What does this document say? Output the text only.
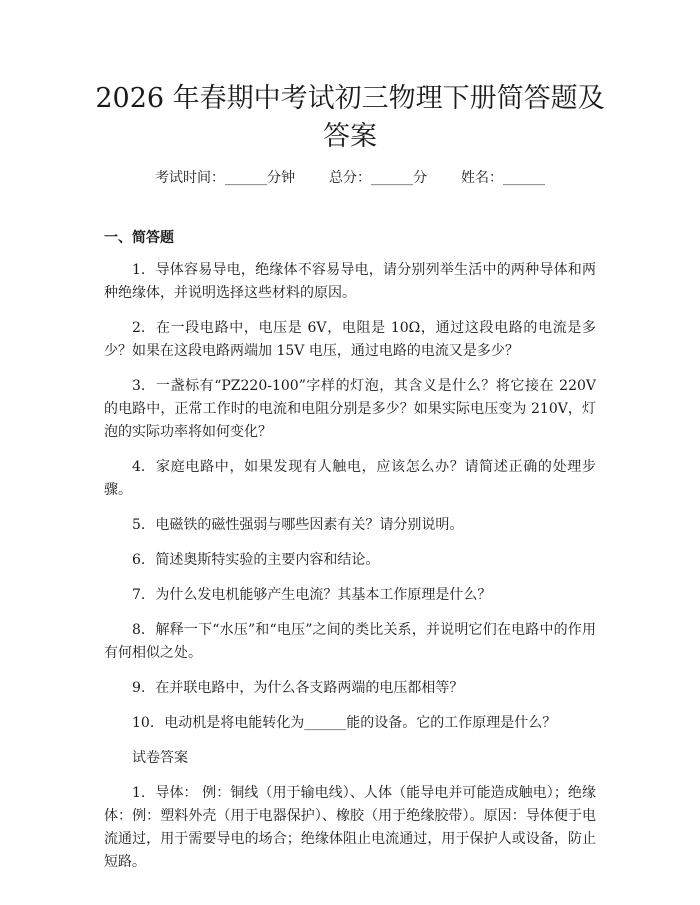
2026 年春期中考试初三物理下册简答题及答案
考试时间：______分钟 总分：______分 姓名：______
一、简答题

1. 导体容易导电，绝缘体不容易导电，请分别列举生活中的两种导体和两种绝缘体，并说明选择这些材料的原因。

2. 在一段电路中，电压是 6V，电阻是 10Ω，通过这段电路的电流是多少？如果在这段电路两端加 15V 电压，通过电路的电流又是多少？

3. 一盏标有“PZ220-100”字样的灯泡，其含义是什么？将它接在 220V 的电路中，正常工作时的电流和电阻分别是多少？如果实际电压变为 210V，灯泡的实际功率将如何变化？

4. 家庭电路中，如果发现有人触电，应该怎么办？请简述正确的处理步骤。

5. 电磁铁的磁性强弱与哪些因素有关？请分别说明。

6. 简述奥斯特实验的主要内容和结论。

7. 为什么发电机能够产生电流？其基本工作原理是什么？

8. 解释一下“水压”和“电压”之间的类比关系，并说明它们在电路中的作用有何相似之处。

9. 在并联电路中，为什么各支路两端的电压都相等？

10. 电动机是将电能转化为______能的设备。它的工作原理是什么？

试卷答案

1. 导体： 例：铜线（用于输电线）、人体（能导电并可能造成触电）；绝缘体：例：塑料外壳（用于电器保护）、橡胶（用于绝缘胶带）。原因：导体便于电流通过，用于需要导电的场合；绝缘体阻止电流通过，用于保护人或设备，防止短路。
